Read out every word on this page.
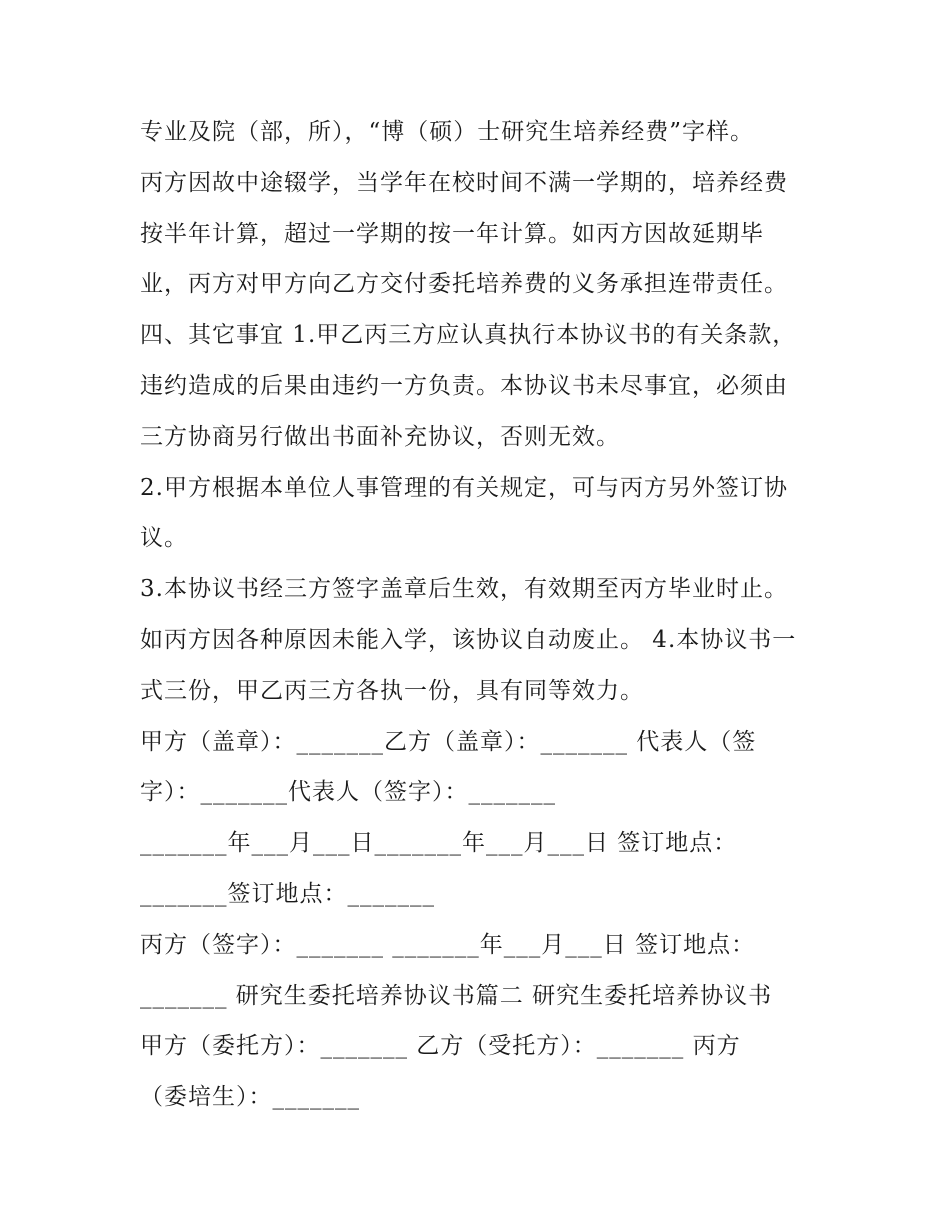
专业及院（部，所），“博（硕）士研究生培养经费”字样。
丙方因故中途辍学，当学年在校时间不满一学期的，培养经费
按半年计算，超过一学期的按一年计算。如丙方因故延期毕
业，丙方对甲方向乙方交付委托培养费的义务承担连带责任。
四、其它事宜 1.甲乙丙三方应认真执行本协议书的有关条款，
违约造成的后果由违约一方负责。本协议书未尽事宜，必须由
三方协商另行做出书面补充协议，否则无效。
2.甲方根据本单位人事管理的有关规定，可与丙方另外签订协
议。
3.本协议书经三方签字盖章后生效，有效期至丙方毕业时止。
如丙方因各种原因未能入学，该协议自动废止。 4.本协议书一
式三份，甲乙丙三方各执一份，具有同等效力。
甲方（盖章）：_______乙方（盖章）：_______ 代表人（签
字）：_______代表人（签字）：_______
_______年___月___日_______年___月___日 签订地点：
_______签订地点：_______
丙方（签字）：_______ _______年___月___日 签订地点：
_______ 研究生委托培养协议书篇二 研究生委托培养协议书
甲方（委托方）：_______ 乙方（受托方）：_______ 丙方
（委培生）：_______
